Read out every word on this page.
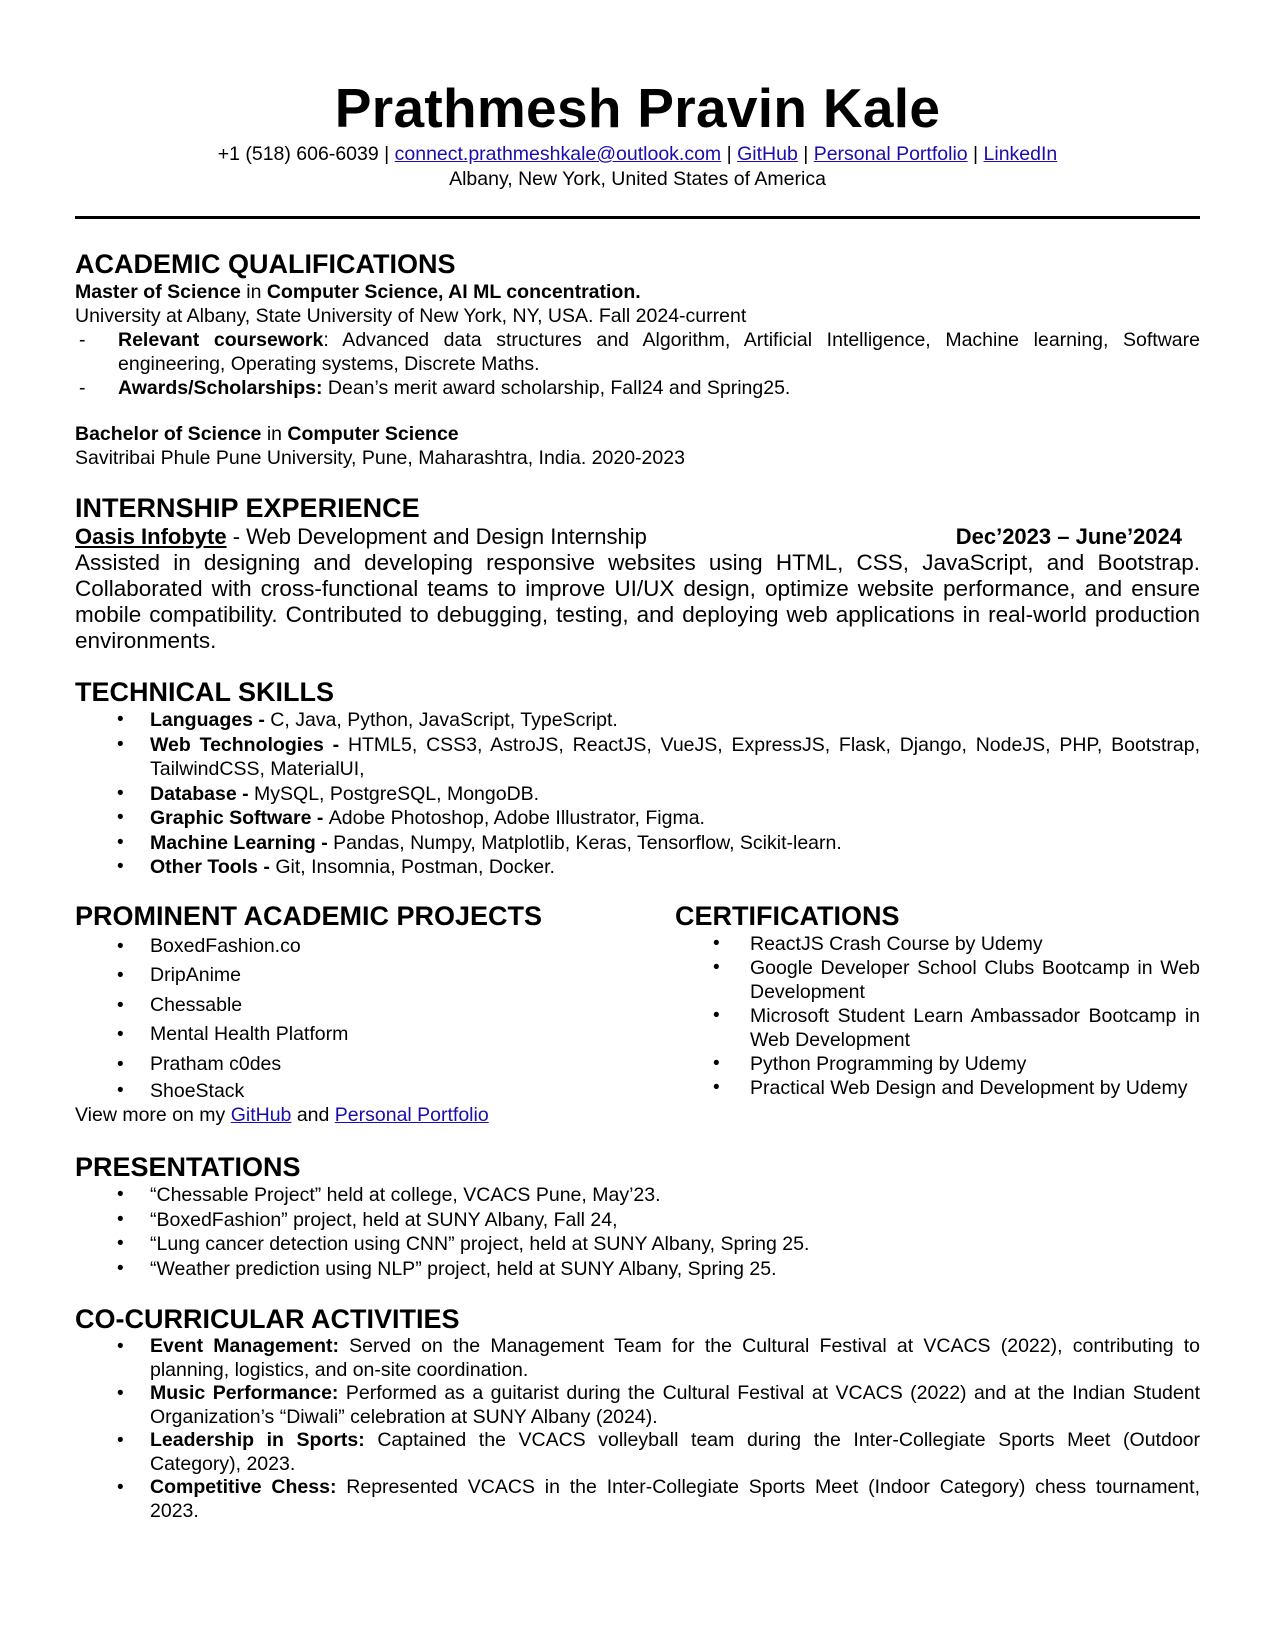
Prathmesh Pravin Kale
+1 (518) 606-6039 | connect.prathmeshkale@outlook.com | GitHub | Personal Portfolio | LinkedIn
Albany, New York, United States of America
ACADEMIC QUALIFICATIONS
Master of Science in Computer Science, AI ML concentration.
University at Albany, State University of New York, NY, USA. Fall 2024-current
- Relevant coursework: Advanced data structures and Algorithm, Artificial Intelligence, Machine learning, Software engineering, Operating systems, Discrete Maths.
- Awards/Scholarships: Dean’s merit award scholarship, Fall24 and Spring25.
Bachelor of Science in Computer Science
Savitribai Phule Pune University, Pune, Maharashtra, India. 2020-2023
INTERNSHIP EXPERIENCE
Oasis Infobyte - Web Development and Design Internship	Dec’2023 – June’2024
Assisted in designing and developing responsive websites using HTML, CSS, JavaScript, and Bootstrap. Collaborated with cross-functional teams to improve UI/UX design, optimize website performance, and ensure mobile compatibility. Contributed to debugging, testing, and deploying web applications in real-world production environments.
TECHNICAL SKILLS
• Languages - C, Java, Python, JavaScript, TypeScript.
• Web Technologies - HTML5, CSS3, AstroJS, ReactJS, VueJS, ExpressJS, Flask, Django, NodeJS, PHP, Bootstrap, TailwindCSS, MaterialUI,
• Database - MySQL, PostgreSQL, MongoDB.
• Graphic Software - Adobe Photoshop, Adobe Illustrator, Figma.
• Machine Learning - Pandas, Numpy, Matplotlib, Keras, Tensorflow, Scikit-learn.
• Other Tools - Git, Insomnia, Postman, Docker.
PROMINENT ACADEMIC PROJECTS
• BoxedFashion.co
• DripAnime
• Chessable
• Mental Health Platform
• Pratham c0des
• ShoeStack
View more on my GitHub and Personal Portfolio
CERTIFICATIONS
• ReactJS Crash Course by Udemy
• Google Developer School Clubs Bootcamp in Web Development
• Microsoft Student Learn Ambassador Bootcamp in Web Development
• Python Programming by Udemy
• Practical Web Design and Development by Udemy
PRESENTATIONS
• “Chessable Project” held at college, VCACS Pune, May’23.
• “BoxedFashion” project, held at SUNY Albany, Fall 24,
• “Lung cancer detection using CNN” project, held at SUNY Albany, Spring 25.
• “Weather prediction using NLP” project, held at SUNY Albany, Spring 25.
CO-CURRICULAR ACTIVITIES
• Event Management: Served on the Management Team for the Cultural Festival at VCACS (2022), contributing to planning, logistics, and on-site coordination.
• Music Performance: Performed as a guitarist during the Cultural Festival at VCACS (2022) and at the Indian Student Organization’s “Diwali” celebration at SUNY Albany (2024).
• Leadership in Sports: Captained the VCACS volleyball team during the Inter-Collegiate Sports Meet (Outdoor Category), 2023.
• Competitive Chess: Represented VCACS in the Inter-Collegiate Sports Meet (Indoor Category) chess tournament, 2023.
